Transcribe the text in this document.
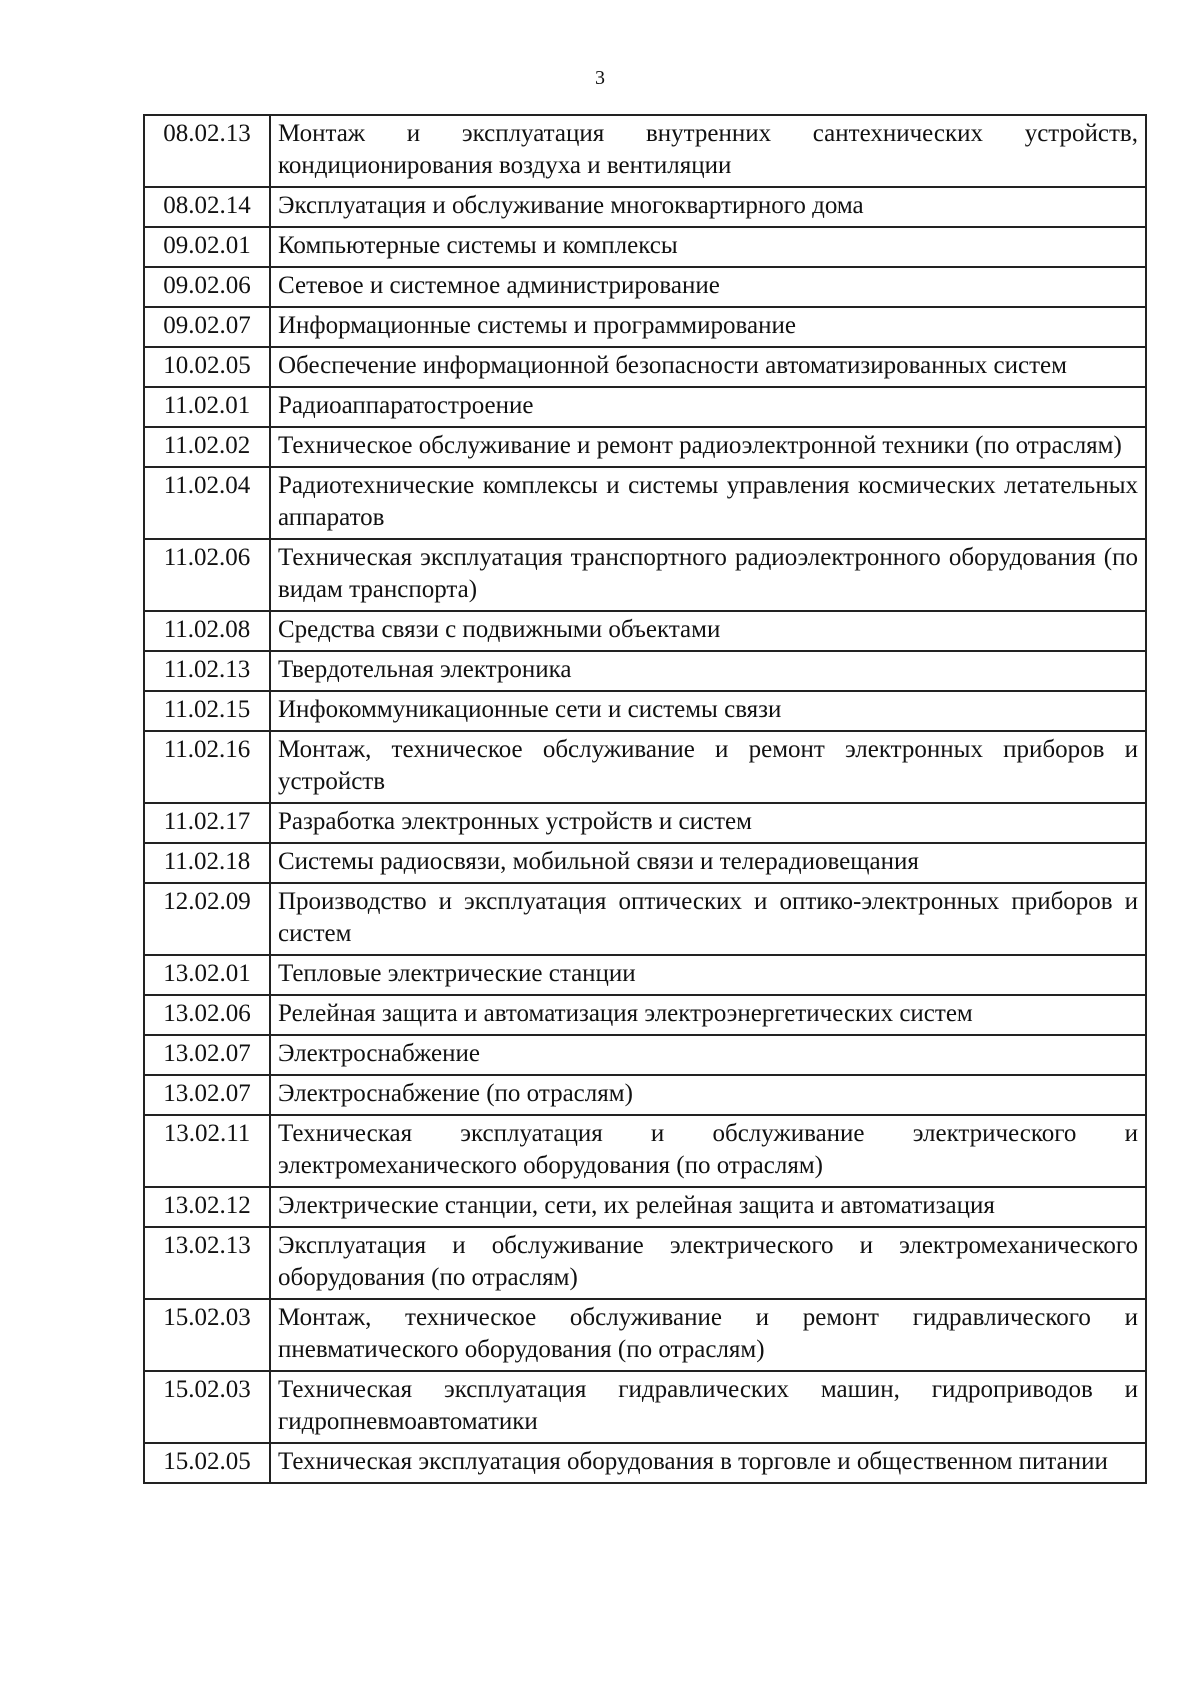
3
08.02.13	Монтаж и эксплуатация внутренних сантехнических устройств, кондиционирования воздуха и вентиляции
08.02.14	Эксплуатация и обслуживание многоквартирного дома
09.02.01	Компьютерные системы и комплексы
09.02.06	Сетевое и системное администрирование
09.02.07	Информационные системы и программирование
10.02.05	Обеспечение информационной безопасности автоматизированных систем
11.02.01	Радиоаппаратостроение
11.02.02	Техническое обслуживание и ремонт радиоэлектронной техники (по отраслям)
11.02.04	Радиотехнические комплексы и системы управления космических летательных аппаратов
11.02.06	Техническая эксплуатация транспортного радиоэлектронного оборудования (по видам транспорта)
11.02.08	Средства связи с подвижными объектами
11.02.13	Твердотельная электроника
11.02.15	Инфокоммуникационные сети и системы связи
11.02.16	Монтаж, техническое обслуживание и ремонт электронных приборов и устройств
11.02.17	Разработка электронных устройств и систем
11.02.18	Системы радиосвязи, мобильной связи и телерадиовещания
12.02.09	Производство и эксплуатация оптических и оптико-электронных приборов и систем
13.02.01	Тепловые электрические станции
13.02.06	Релейная защита и автоматизация электроэнергетических систем
13.02.07	Электроснабжение
13.02.07	Электроснабжение (по отраслям)
13.02.11	Техническая эксплуатация и обслуживание электрического и электромеханического оборудования (по отраслям)
13.02.12	Электрические станции, сети, их релейная защита и автоматизация
13.02.13	Эксплуатация и обслуживание электрического и электромеханического оборудования (по отраслям)
15.02.03	Монтаж, техническое обслуживание и ремонт гидравлического и пневматического оборудования (по отраслям)
15.02.03	Техническая эксплуатация гидравлических машин, гидроприводов и гидропневмоавтоматики
15.02.05	Техническая эксплуатация оборудования в торговле и общественном питании
